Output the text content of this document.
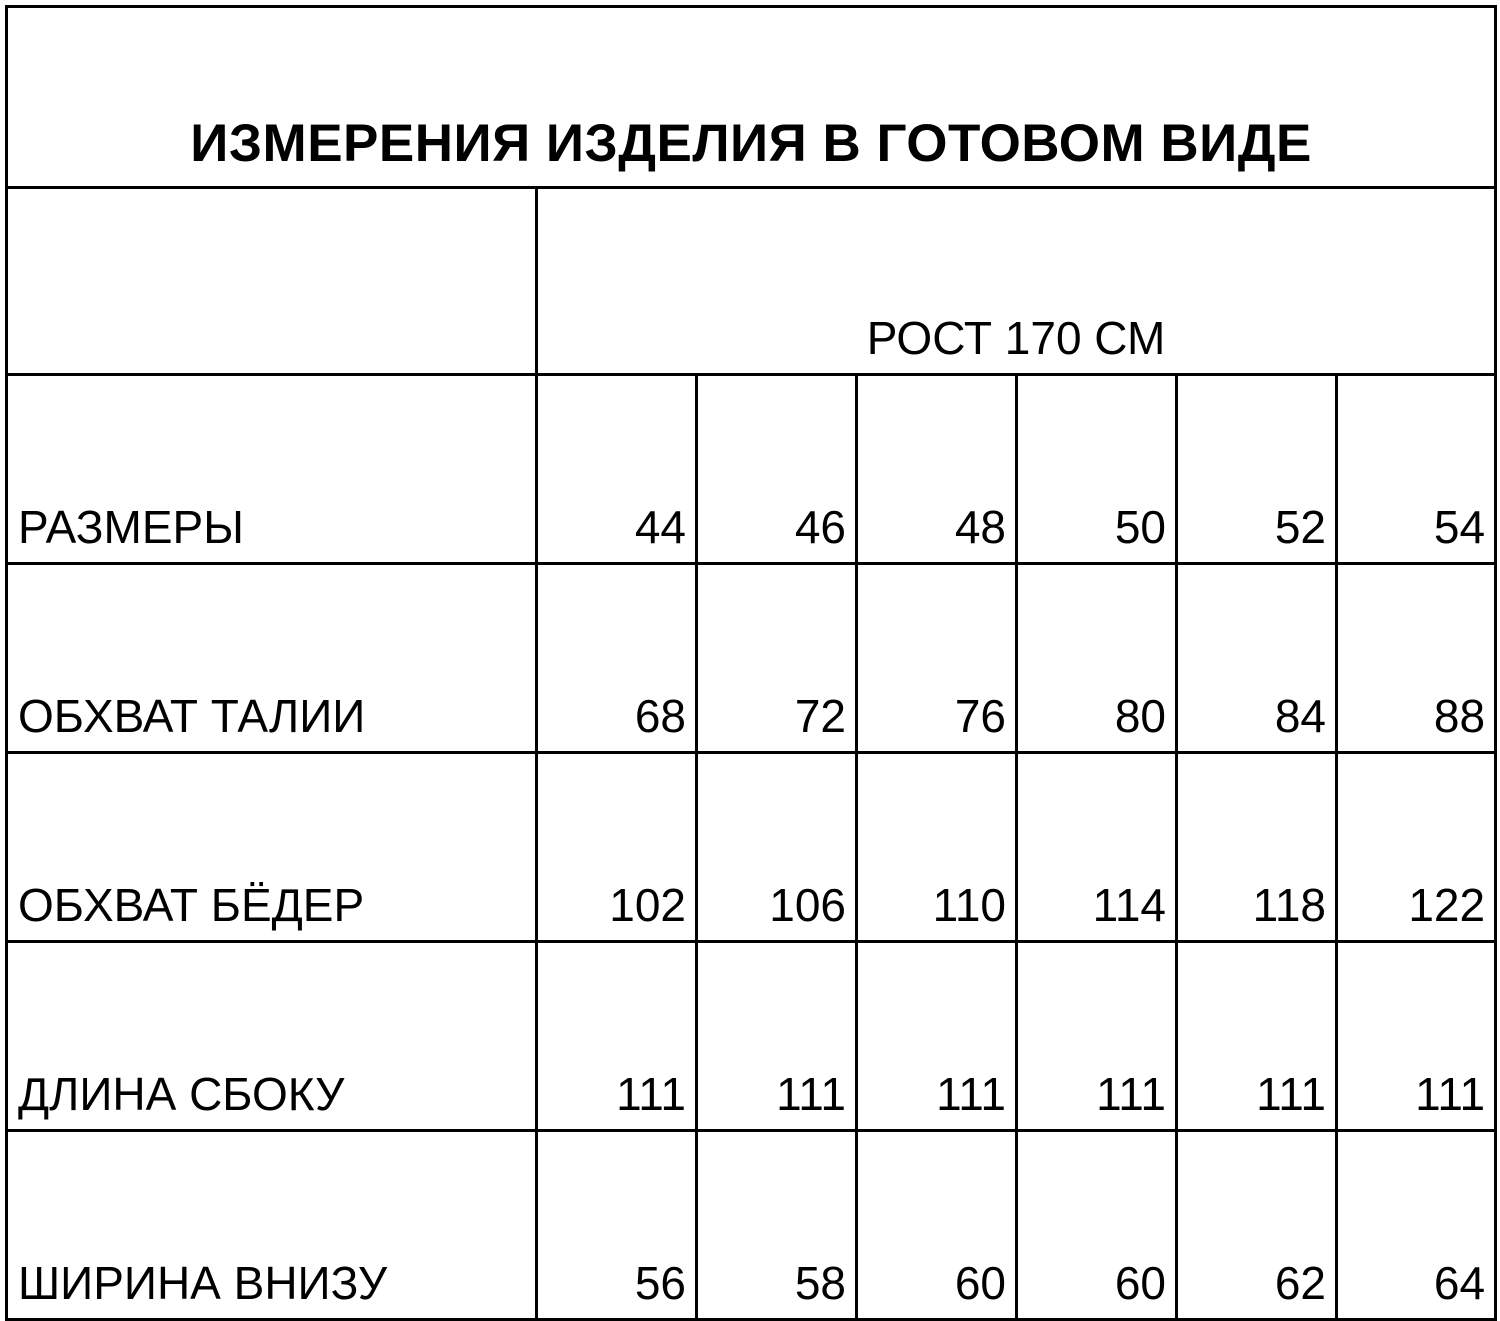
ИЗМЕРЕНИЯ ИЗДЕЛИЯ В ГОТОВОМ ВИДЕ						
	РОСТ 170 СМ					
РАЗМЕРЫ	44	46	48	50	52	54
ОБХВАТ ТАЛИИ	68	72	76	80	84	88
ОБХВАТ БЁДЕР	102	106	110	114	118	122
ДЛИНА СБОКУ	111	111	111	111	111	111
ШИРИНА ВНИЗУ	56	58	60	60	62	64
